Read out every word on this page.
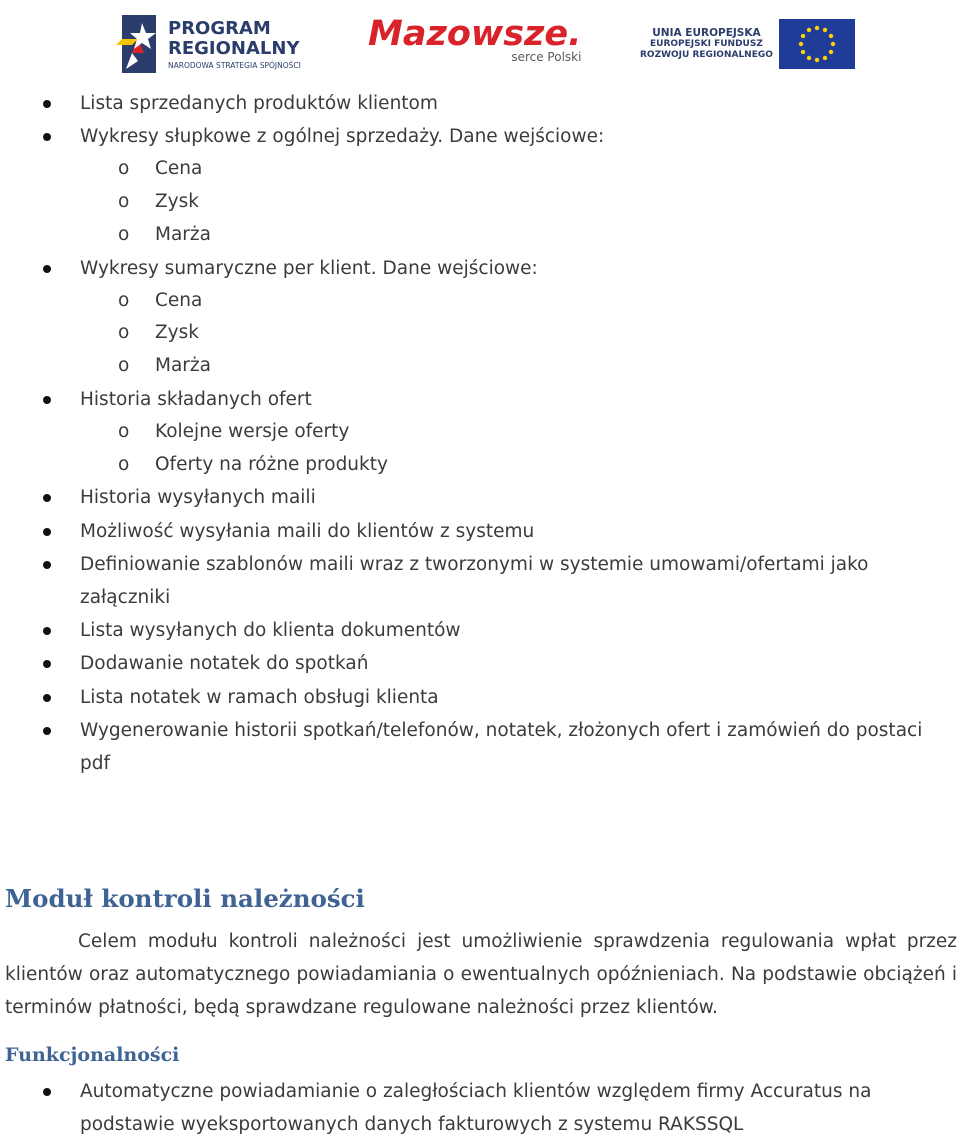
PROGRAM
REGIONALNY
NARODOWA STRATEGIA SPÓJNOŚCI
Mazowsze.
serce Polski
UNIA EUROPEJSKA
EUROPEJSKI FUNDUSZ
ROZWOJU REGIONALNEGO
Lista sprzedanych produktów klientom
Wykresy słupkowe z ogólnej sprzedaży. Dane wejściowe:
o Cena
o Zysk
o Marża
Wykresy sumaryczne per klient. Dane wejściowe:
o Cena
o Zysk
o Marża
Historia składanych ofert
o Kolejne wersje oferty
o Oferty na różne produkty
Historia wysyłanych maili
Możliwość wysyłania maili do klientów z systemu
Definiowanie szablonów maili wraz z tworzonymi w systemie umowami/ofertami jako załączniki
Lista wysyłanych do klienta dokumentów
Dodawanie notatek do spotkań
Lista notatek w ramach obsługi klienta
Wygenerowanie historii spotkań/telefonów, notatek, złożonych ofert i zamówień do postaci pdf
Moduł kontroli należności

Celem modułu kontroli należności jest umożliwienie sprawdzenia regulowania wpłat przez klientów oraz automatycznego powiadamiania o ewentualnych opóźnieniach. Na podstawie obciążeń i terminów płatności, będą sprawdzane regulowane należności przez klientów.

Funkcjonalności
Automatyczne powiadamianie o zaległościach klientów względem firmy Accuratus na podstawie wyeksportowanych danych fakturowych z systemu RAKSSQL
